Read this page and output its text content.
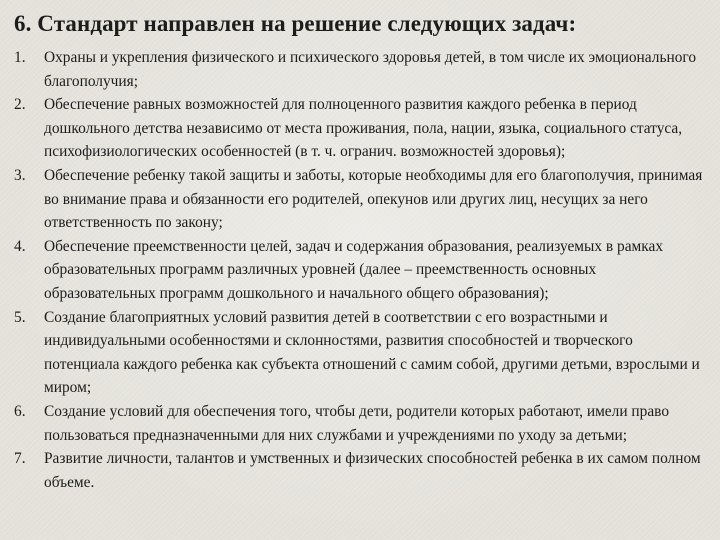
6. Стандарт направлен на решение следующих задач:
1. Охраны и укрепления физического и психического здоровья детей, в том числе их эмоционального благополучия;
2. Обеспечение равных возможностей для полноценного развития каждого ребенка в период дошкольного детства независимо от места проживания, пола, нации, языка, социального статуса, психофизиологических особенностей (в т. ч. огранич. возможностей здоровья);
3. Обеспечение ребенку такой защиты и заботы, которые необходимы для его благополучия, принимая во внимание права и обязанности его родителей, опекунов или других лиц, несущих за него ответственность по закону;
4. Обеспечение преемственности целей, задач и содержания образования, реализуемых в рамках образовательных программ различных уровней (далее – преемственность основных образовательных программ дошкольного и начального общего образования);
5. Создание благоприятных условий развития детей в соответствии с его возрастными и индивидуальными особенностями и склонностями, развития способностей и творческого потенциала каждого ребенка как субъекта отношений с самим собой, другими детьми, взрослыми и миром;
6. Создание условий для обеспечения того, чтобы дети, родители которых работают, имели право пользоваться предназначенными для них службами и учреждениями по уходу за детьми;
7. Развитие личности, талантов и умственных и физических способностей ребенка в их самом полном объеме.
